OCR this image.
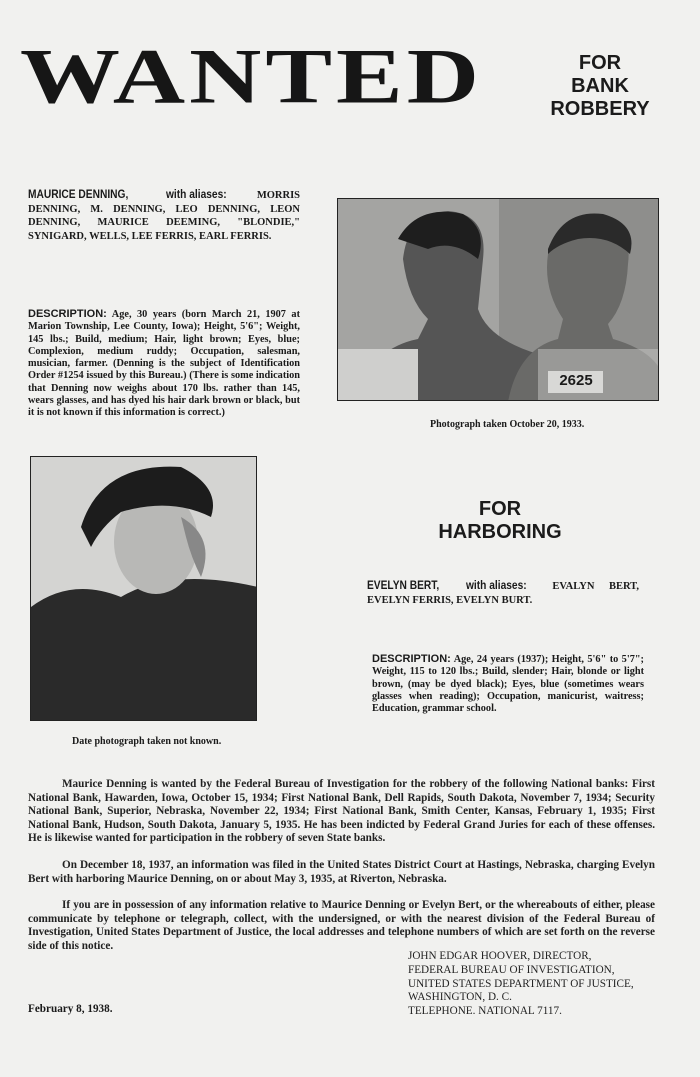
WANTED	FOR
BANK
ROBBERY
MAURICE DENNING,	with aliases:	MORRIS DENNING, M. DENNING, LEO DENNING, LEON DENNING, MAURICE DEEMING, "BLONDIE," SYNIGARD, WELLS, LEE FERRIS, EARL FERRIS.
DESCRIPTION: Age, 30 years (born March 21, 1907 at Marion Township, Lee County, Iowa); Height, 5'6"; Weight, 145 lbs.; Build, medium; Hair, light brown; Eyes, blue; Complexion, medium ruddy; Occupation, salesman, musician, farmer. (Denning is the subject of Identification Order #1254 issued by this Bureau.) (There is some indication that Denning now weighs about 170 lbs. rather than 145, wears glasses, and has dyed his hair dark brown or black, but it is not known if this information is correct.)
2625
Photograph taken October 20, 1933.
Date photograph taken not known.
FOR
HARBORING
EVELYN BERT, with aliases: EVALYN BERT, EVELYN FERRIS, EVELYN BURT.
DESCRIPTION: Age, 24 years (1937); Height, 5'6" to 5'7"; Weight, 115 to 120 lbs.; Build, slender; Hair, blonde or light brown, (may be dyed black); Eyes, blue (sometimes wears glasses when reading); Occupation, manicurist, waitress; Education, grammar school.

Maurice Denning is wanted by the Federal Bureau of Investigation for the robbery of the following National banks: First National Bank, Hawarden, Iowa, October 15, 1934; First National Bank, Dell Rapids, South Dakota, November 7, 1934; Security National Bank, Superior, Nebraska, November 22, 1934; First National Bank, Smith Center, Kansas, February 1, 1935; First National Bank, Hudson, South Dakota, January 5, 1935. He has been indicted by Federal Grand Juries for each of these offenses. He is likewise wanted for participation in the robbery of seven State banks.

On December 18, 1937, an information was filed in the United States District Court at Hastings, Nebraska, charging Evelyn Bert with harboring Maurice Denning, on or about May 3, 1935, at Riverton, Nebraska.

If you are in possession of any information relative to Maurice Denning or Evelyn Bert, or the whereabouts of either, please communicate by telephone or telegraph, collect, with the undersigned, or with the nearest division of the Federal Bureau of Investigation, United States Department of Justice, the local addresses and telephone numbers of which are set forth on the reverse side of this notice.

JOHN EDGAR HOOVER, DIRECTOR,
FEDERAL BUREAU OF INVESTIGATION,
UNITED STATES DEPARTMENT OF JUSTICE,
WASHINGTON, D. C.
TELEPHONE. NATIONAL 7117.
February 8, 1938.
